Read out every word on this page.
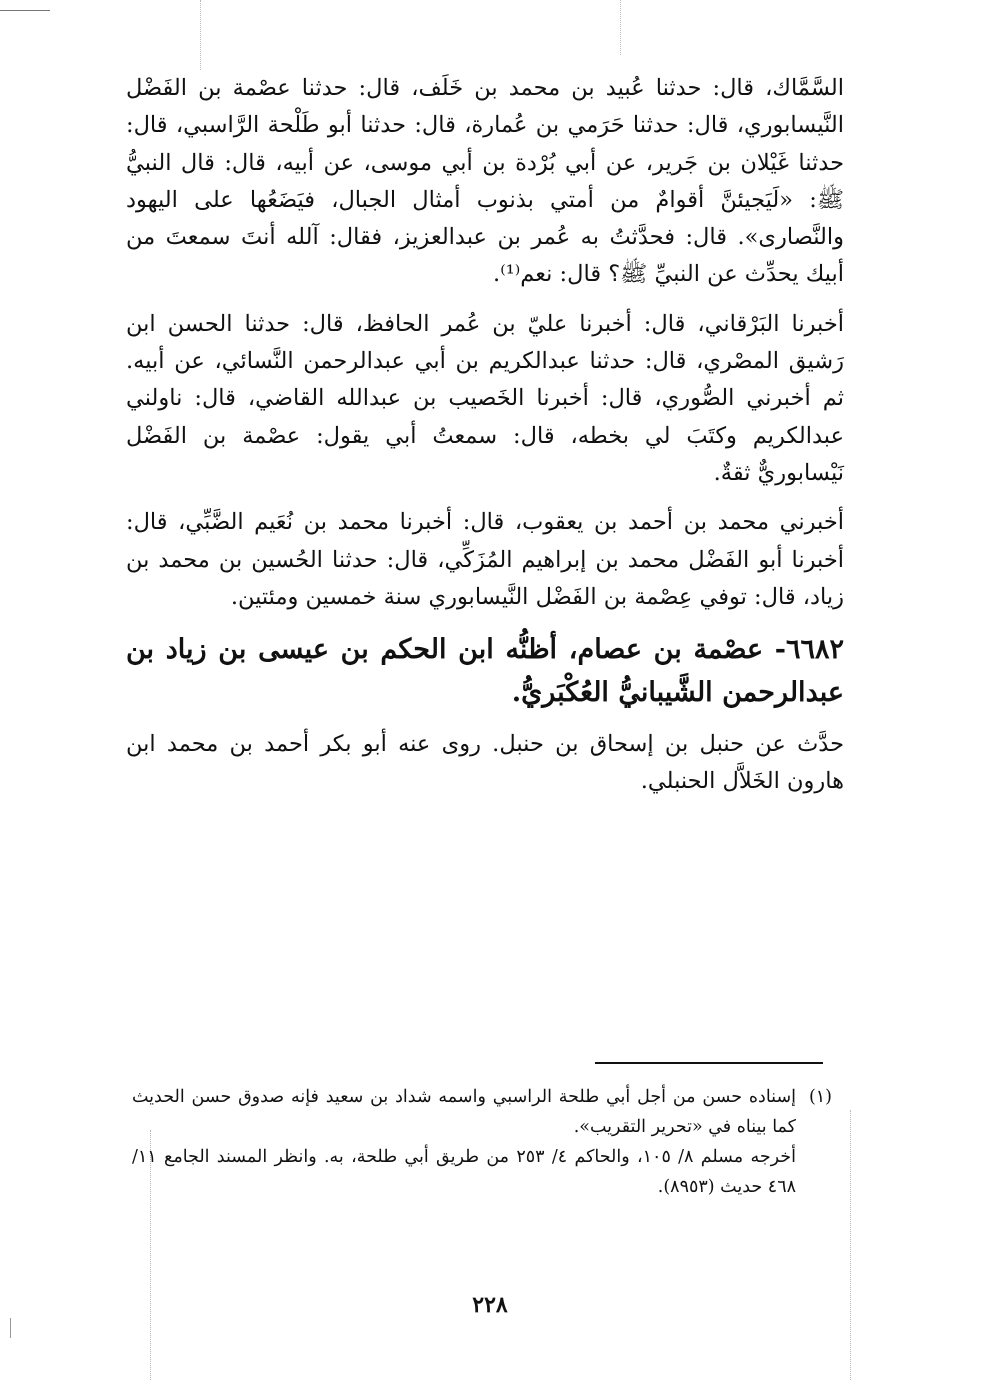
السَّمَّاك، قال: حدثنا عُبيد بن محمد بن خَلَف، قال: حدثنا عصْمة بن الفَضْل النَّيسابوري، قال: حدثنا حَرَمي بن عُمارة، قال: حدثنا أبو طَلْحة الرَّاسبي، قال: حدثنا غَيْلان بن جَرير، عن أبي بُرْدة بن أبي موسى، عن أبيه، قال: قال النبيُّ ﷺ: «لَيَجيئنَّ أقوامٌ من أمتي بذنوب أمثال الجبال، فيَضَعُها على اليهود والنَّصارى». قال: فحدَّثتُ به عُمر بن عبدالعزيز، فقال: آلله أنتَ سمعتَ من أبيك يحدِّث عن النبيِّ ﷺ؟ قال: نعم⁽¹⁾.

أخبرنا البَرْقاني، قال: أخبرنا عليّ بن عُمر الحافظ، قال: حدثنا الحسن ابن رَشيق المصْري، قال: حدثنا عبدالكريم بن أبي عبدالرحمن النَّسائي، عن أبيه. ثم أخبرني الصُّوري، قال: أخبرنا الخَصيب بن عبدالله القاضي، قال: ناولني عبدالكريم وكتَبَ لي بخطه، قال: سمعتُ أبي يقول: عصْمة بن الفَضْل نَيْسابوريٌّ ثقةٌ.

أخبرني محمد بن أحمد بن يعقوب، قال: أخبرنا محمد بن نُعَيم الضَّبِّي، قال: أخبرنا أبو الفَضْل محمد بن إبراهيم المُزَكِّي، قال: حدثنا الحُسين بن محمد بن زياد، قال: توفي عِصْمة بن الفَضْل النَّيسابوري سنة خمسين ومئتين.

٦٦٨٢- عصْمة بن عصام، أظنُّه ابن الحكم بن عيسى بن زياد بن عبدالرحمن الشَّيبانيُّ العُكْبَريُّ.

حدَّث عن حنبل بن إسحاق بن حنبل. روى عنه أبو بكر أحمد بن محمد ابن هارون الخَلاَّل الحنبلي.

(١)
إسناده حسن من أجل أبي طلحة الراسبي واسمه شداد بن سعيد فإنه صدوق حسن الحديث كما بيناه في «تحرير التقريب».
أخرجه مسلم ٨/ ١٠٥، والحاكم ٤/ ٢٥٣ من طريق أبي طلحة، به. وانظر المسند الجامع ١١/ ٤٦٨ حديث (٨٩٥٣).
٢٢٨
